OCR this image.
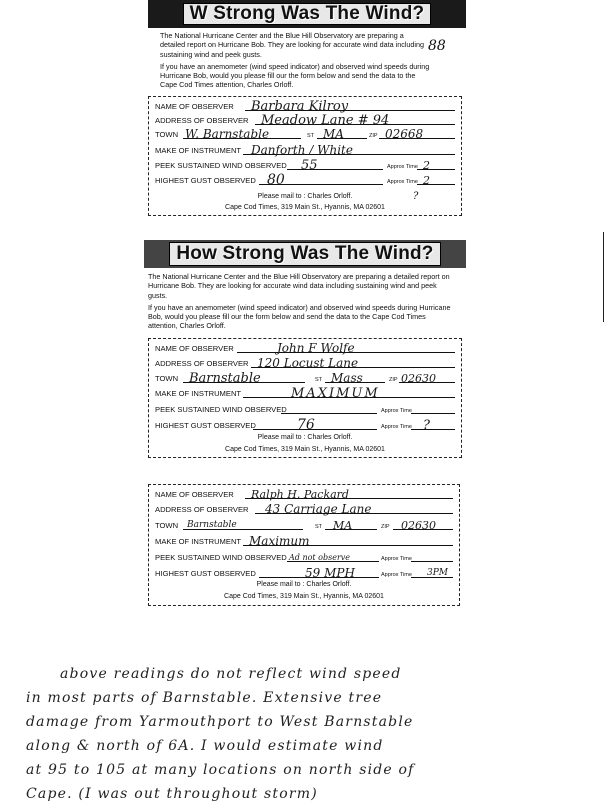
W Strong Was The Wind?

The National Hurricane Center and the Blue Hill Observatory are preparing a detailed report on Hurricane Bob. They are looking for accurate wind data including sustaining wind and peek gusts.

If you have an anemometer (wind speed indicator) and observed wind speeds during Hurricane Bob, would you please fill our the form below and send the data to the Cape Cod Times attention, Charles Orloff.

88
NAME OF OBSERVER Barbara Kilroy
ADDRESS OF OBSERVER Meadow Lane # 94
TOWN W. Barnstable	ST MA	ZIP 02668
MAKE OF INSTRUMENT Danforth / White
PEEK SUSTAINED WIND OBSERVED 55	Approx Time 2
HIGHEST GUST OBSERVED 80	Approx Time 2
Please mail to : Charles Orloff.	?
Cape Cod Times, 319 Main St., Hyannis, MA 02601
How Strong Was The Wind?

The National Hurricane Center and the Blue Hill Observatory are preparing a detailed report on Hurricane Bob. They are looking for accurate wind data including sustaining wind and peek gusts.

If you have an anemometer (wind speed indicator) and observed wind speeds during Hurricane Bob, would you please fill our the form below and send the data to the Cape Cod Times attention, Charles Orloff.

NAME OF OBSERVER	John F Wolfe
ADDRESS OF OBSERVER 120 Locust Lane
TOWN Barnstable	ST Mass	ZIP 02630
MAKE OF INSTRUMENT	MAXIMUM
PEEK SUSTAINED WIND OBSERVED	Approx Time
HIGHEST GUST OBSERVED	76	Approx Time ?
Please mail to : Charles Orloff.
Cape Cod Times, 319 Main St., Hyannis, MA 02601
NAME OF OBSERVER Ralph H. Packard
ADDRESS OF OBSERVER 43 Carriage Lane
TOWN Barnstable	ST MA	ZIP 02630
MAKE OF INSTRUMENT Maximum
PEEK SUSTAINED WIND OBSERVED Ad not observe	Approx Time
HIGHEST GUST OBSERVED	59 MPH	Approx Time 3PM
Please mail to : Charles Orloff.
Cape Cod Times, 319 Main St., Hyannis, MA 02601
above readings do not reflect wind speed
in most parts of Barnstable. Extensive tree
damage from Yarmouthport to West Barnstable
along & north of 6A. I would estimate wind
at 95 to 105 at many locations on north side of
Cape. (I was out throughout storm)
